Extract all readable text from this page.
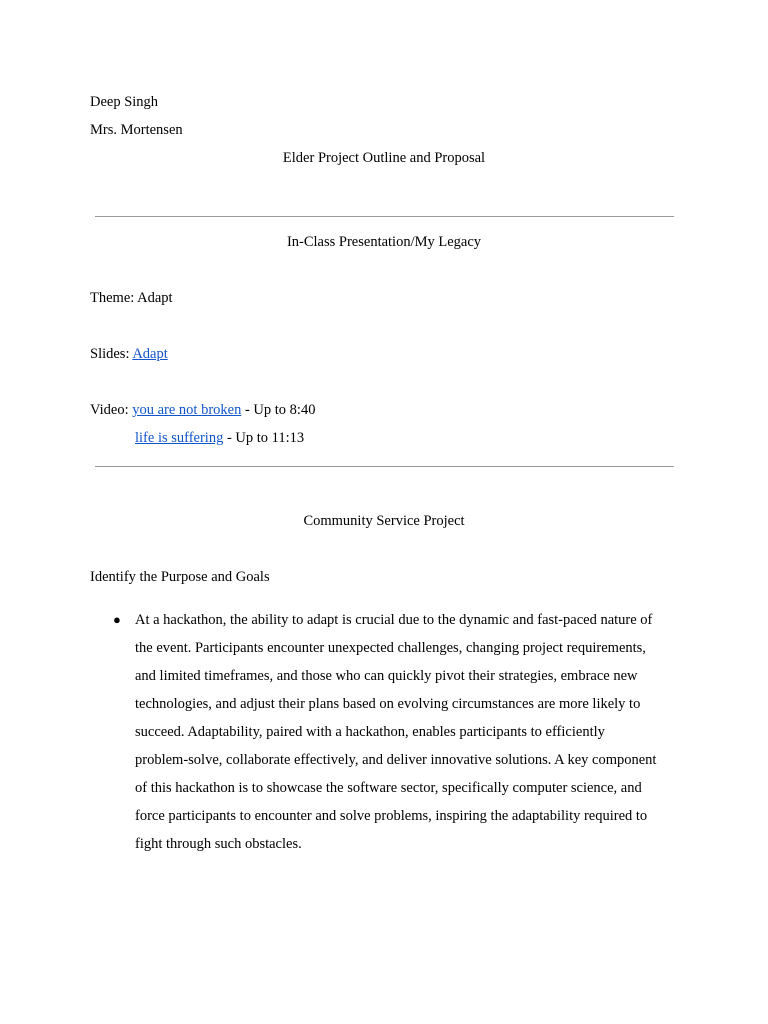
Deep Singh
Mrs. Mortensen
Elder Project Outline and Proposal
In-Class Presentation/My Legacy
Theme: Adapt
Slides: Adapt
Video: you are not broken - Up to 8:40
life is suffering - Up to 11:13
Community Service Project
Identify the Purpose and Goals
● At a hackathon, the ability to adapt is crucial due to the dynamic and fast-paced nature of
the event. Participants encounter unexpected challenges, changing project requirements,
and limited timeframes, and those who can quickly pivot their strategies, embrace new
technologies, and adjust their plans based on evolving circumstances are more likely to
succeed. Adaptability, paired with a hackathon, enables participants to efficiently
problem-solve, collaborate effectively, and deliver innovative solutions. A key component
of this hackathon is to showcase the software sector, specifically computer science, and
force participants to encounter and solve problems, inspiring the adaptability required to
fight through such obstacles.
